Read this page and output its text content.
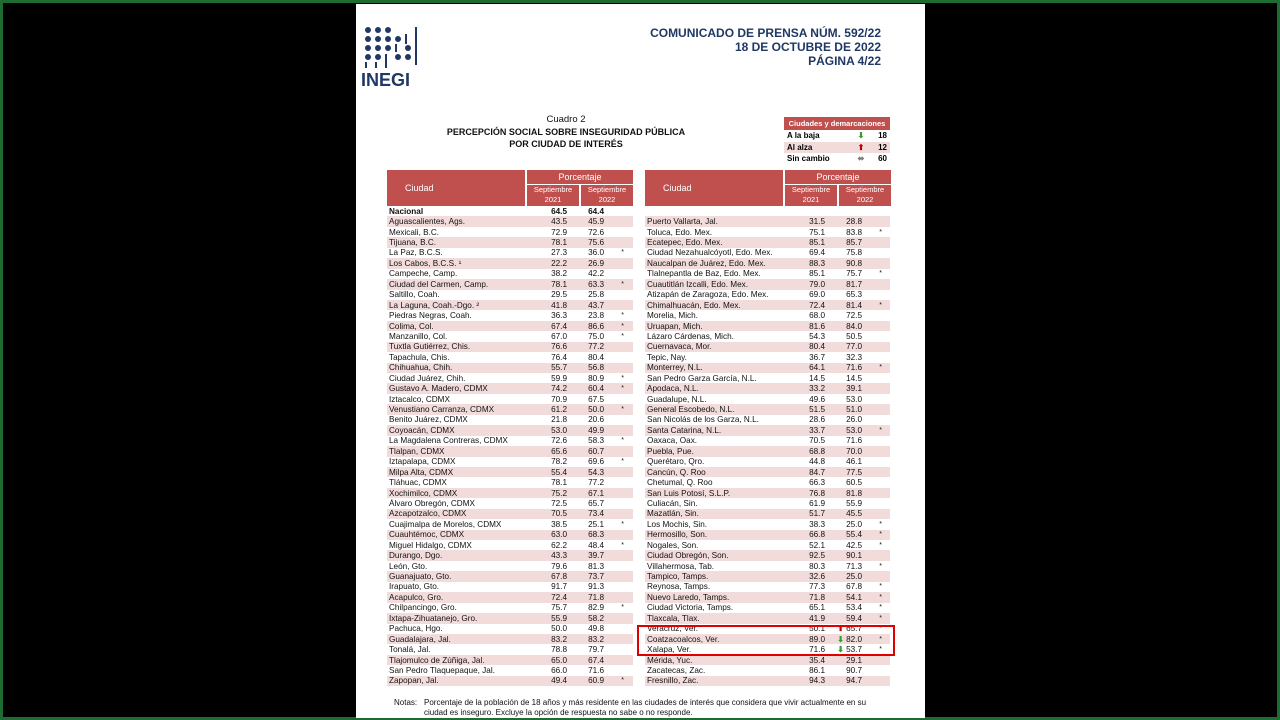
INEGI
COMUNICADO DE PRENSA NÚM. 592/22
18 DE OCTUBRE DE 2022
PÁGINA 4/22
Cuadro 2
PERCEPCIÓN SOCIAL SOBRE INSEGURIDAD PÚBLICA
POR CIUDAD DE INTERÉS
Ciudades y demarcaciones
A la baja	⬇	18
Al alza	⬆	12
Sin cambio	⬌	60
Ciudad
Porcentaje
Septiembre 2021
Septiembre 2022
Nacional	64.5	64.4
Aguascalientes, Ags.	43.5	45.9
Mexicali, B.C.	72.9	72.6
Tijuana, B.C.	78.1	75.6
La Paz, B.C.S.	27.3	36.0	*
Los Cabos, B.C.S. ¹	22.2	26.9
Campeche, Camp.	38.2	42.2
Ciudad del Carmen, Camp.	78.1	63.3	*
Saltillo, Coah.	29.5	25.8
La Laguna, Coah.-Dgo. ²	41.8	43.7
Piedras Negras, Coah.	36.3	23.8	*
Colima, Col.	67.4	86.6	*
Manzanillo, Col.	67.0	75.0	*
Tuxtla Gutiérrez, Chis.	76.6	77.2
Tapachula, Chis.	76.4	80.4
Chihuahua, Chih.	55.7	56.8
Ciudad Juárez, Chih.	59.9	80.9	*
Gustavo A. Madero, CDMX	74.2	60.4	*
Iztacalco, CDMX	70.9	67.5
Venustiano Carranza, CDMX	61.2	50.0	*
Benito Juárez, CDMX	21.8	20.6
Coyoacán, CDMX	53.0	49.9
La Magdalena Contreras, CDMX	72.6	58.3	*
Tlalpan, CDMX	65.6	60.7
Iztapalapa, CDMX	78.2	69.6	*
Milpa Alta, CDMX	55.4	54.3
Tláhuac, CDMX	78.1	77.2
Xochimilco, CDMX	75.2	67.1
Álvaro Obregón, CDMX	72.5	65.7
Azcapotzalco, CDMX	70.5	73.4
Cuajimalpa de Morelos, CDMX	38.5	25.1	*
Cuauhtémoc, CDMX	63.0	68.3
Miguel Hidalgo, CDMX	62.2	48.4	*
Durango, Dgo.	43.3	39.7
León, Gto.	79.6	81.3
Guanajuato, Gto.	67.8	73.7
Irapuato, Gto.	91.7	91.3
Acapulco, Gro.	72.4	71.8
Chilpancingo, Gro.	75.7	82.9	*
Ixtapa-Zihuatanejo, Gro.	55.9	58.2
Pachuca, Hgo.	50.0	49.8
Guadalajara, Jal.	83.2	83.2
Tonalá, Jal.	78.8	79.7
Tlajomulco de Zúñiga, Jal.	65.0	67.4
San Pedro Tlaquepaque, Jal.	66.0	71.6
Zapopan, Jal.	49.4	60.9	*
Ciudad
Porcentaje
Septiembre 2021
Septiembre 2022
Puerto Vallarta, Jal.	31.5	28.8
Toluca, Edo. Mex.	75.1	83.8	*
Ecatepec, Edo. Mex.	85.1	85.7
Ciudad Nezahualcóyotl, Edo. Mex.	69.4	75.8
Naucalpan de Juárez, Edo. Mex.	88.3	90.8
Tlalnepantla de Baz, Edo. Mex.	85.1	75.7	*
Cuautitlán Izcalli, Edo. Mex.	79.0	81.7
Atizapán de Zaragoza, Edo. Mex.	69.0	65.3
Chimalhuacán, Edo. Mex.	72.4	81.4	*
Morelia, Mich.	68.0	72.5
Uruapan, Mich.	81.6	84.0
Lázaro Cárdenas, Mich.	54.3	50.5
Cuernavaca, Mor.	80.4	77.0
Tepic, Nay.	36.7	32.3
Monterrey, N.L.	64.1	71.6	*
San Pedro Garza García, N.L.	14.5	14.5
Apodaca, N.L.	33.2	39.1
Guadalupe, N.L.	49.6	53.0
General Escobedo, N.L.	51.5	51.0
San Nicolás de los Garza, N.L.	28.6	26.0
Santa Catarina, N.L.	33.7	53.0	*
Oaxaca, Oax.	70.5	71.6
Puebla, Pue.	68.8	70.0
Querétaro, Qro.	44.8	46.1
Cancún, Q. Roo	84.7	77.5
Chetumal, Q. Roo	66.3	60.5
San Luis Potosí, S.L.P.	76.8	81.8
Culiacán, Sin.	61.9	55.9
Mazatlán, Sin.	51.7	45.5
Los Mochis, Sin.	38.3	25.0	*
Hermosillo, Son.	66.8	55.4	*
Nogales, Son.	52.1	42.5	*
Ciudad Obregón, Son.	92.5	90.1
Villahermosa, Tab.	80.3	71.3	*
Tampico, Tamps.	32.6	25.0
Reynosa, Tamps.	77.3	67.8	*
Nuevo Laredo, Tamps.	71.8	54.1	*
Ciudad Victoria, Tamps.	65.1	53.4	*
Tlaxcala, Tlax.	41.9	59.4	*
Veracruz, Ver.	50.1	⬆ 65.7	*
Coatzacoalcos, Ver.	89.0	⬇ 82.0	*
Xalapa, Ver.	71.6	⬇ 53.7	*
Mérida, Yuc.	35.4	29.1
Zacatecas, Zac.	86.1	90.7
Fresnillo, Zac.	94.3	94.7
Notas: Porcentaje de la población de 18 años y más residente en las ciudades de interés que considera que vivir actualmente en su ciudad es inseguro. Excluye la opción de respuesta no sabe o no responde.
